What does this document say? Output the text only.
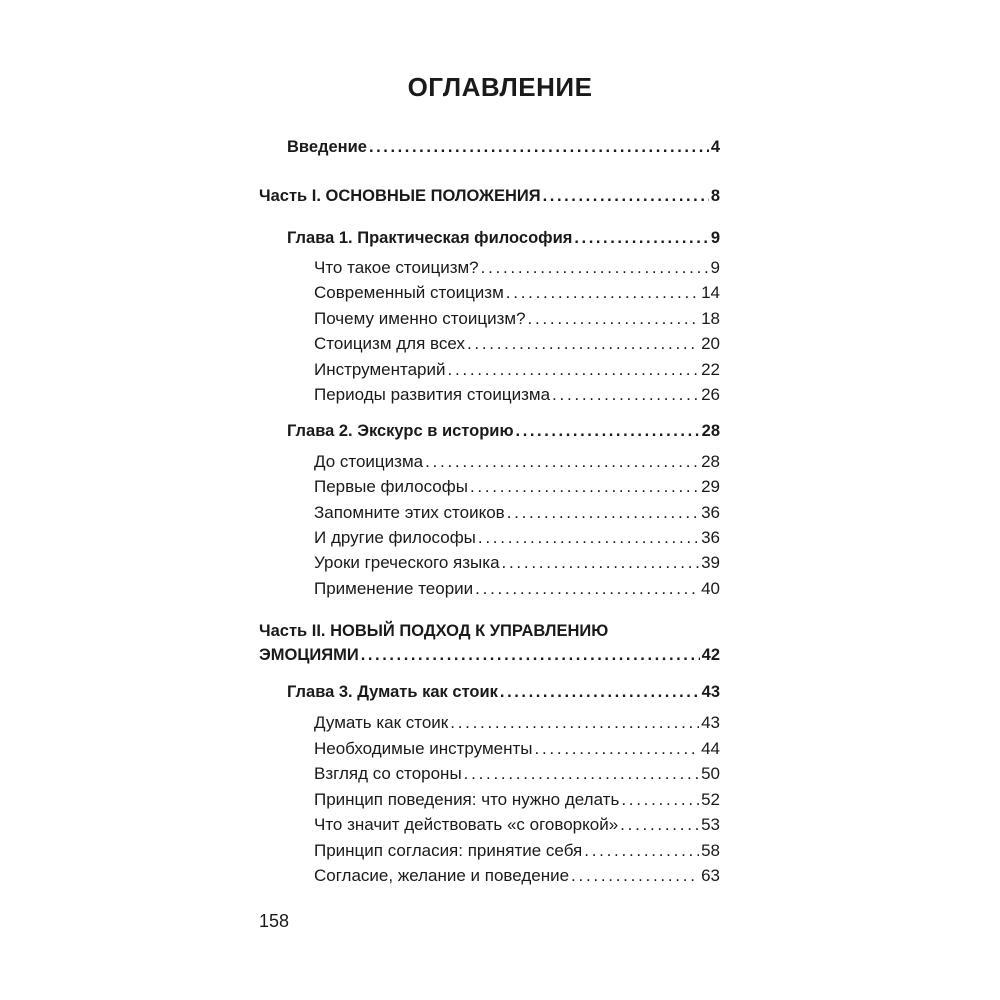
ОГЛАВЛЕНИЕ
Введение . . .	4
Часть I. ОСНОВНЫЕ ПОЛОЖЕНИЯ . . .	8
Глава 1. Практическая философия . . .	9
Что такое стоицизм? . . .	9
Современный стоицизм . . .	14
Почему именно стоицизм? . . .	18
Стоицизм для всех . . .	20
Инструментарий . . .	22
Периоды развития стоицизма . . .	26
Глава 2. Экскурс в историю . . .	28
До стоицизма . . .	28
Первые философы . . .	29
Запомните этих стоиков . . .	36
И другие философы . . .	36
Уроки греческого языка . . .	39
Применение теории . . .	40
Часть II. НОВЫЙ ПОДХОД К УПРАВЛЕНИЮ
ЭМОЦИЯМИ . . .	42
Глава 3. Думать как стоик . . .	43
Думать как стоик . . .	43
Необходимые инструменты . . .	44
Взгляд со стороны . . .	50
Принцип поведения: что нужно делать . . .	52
Что значит действовать «с оговоркой» . . .	53
Принцип согласия: принятие себя . . .	58
Согласие, желание и поведение . . .	63
158
